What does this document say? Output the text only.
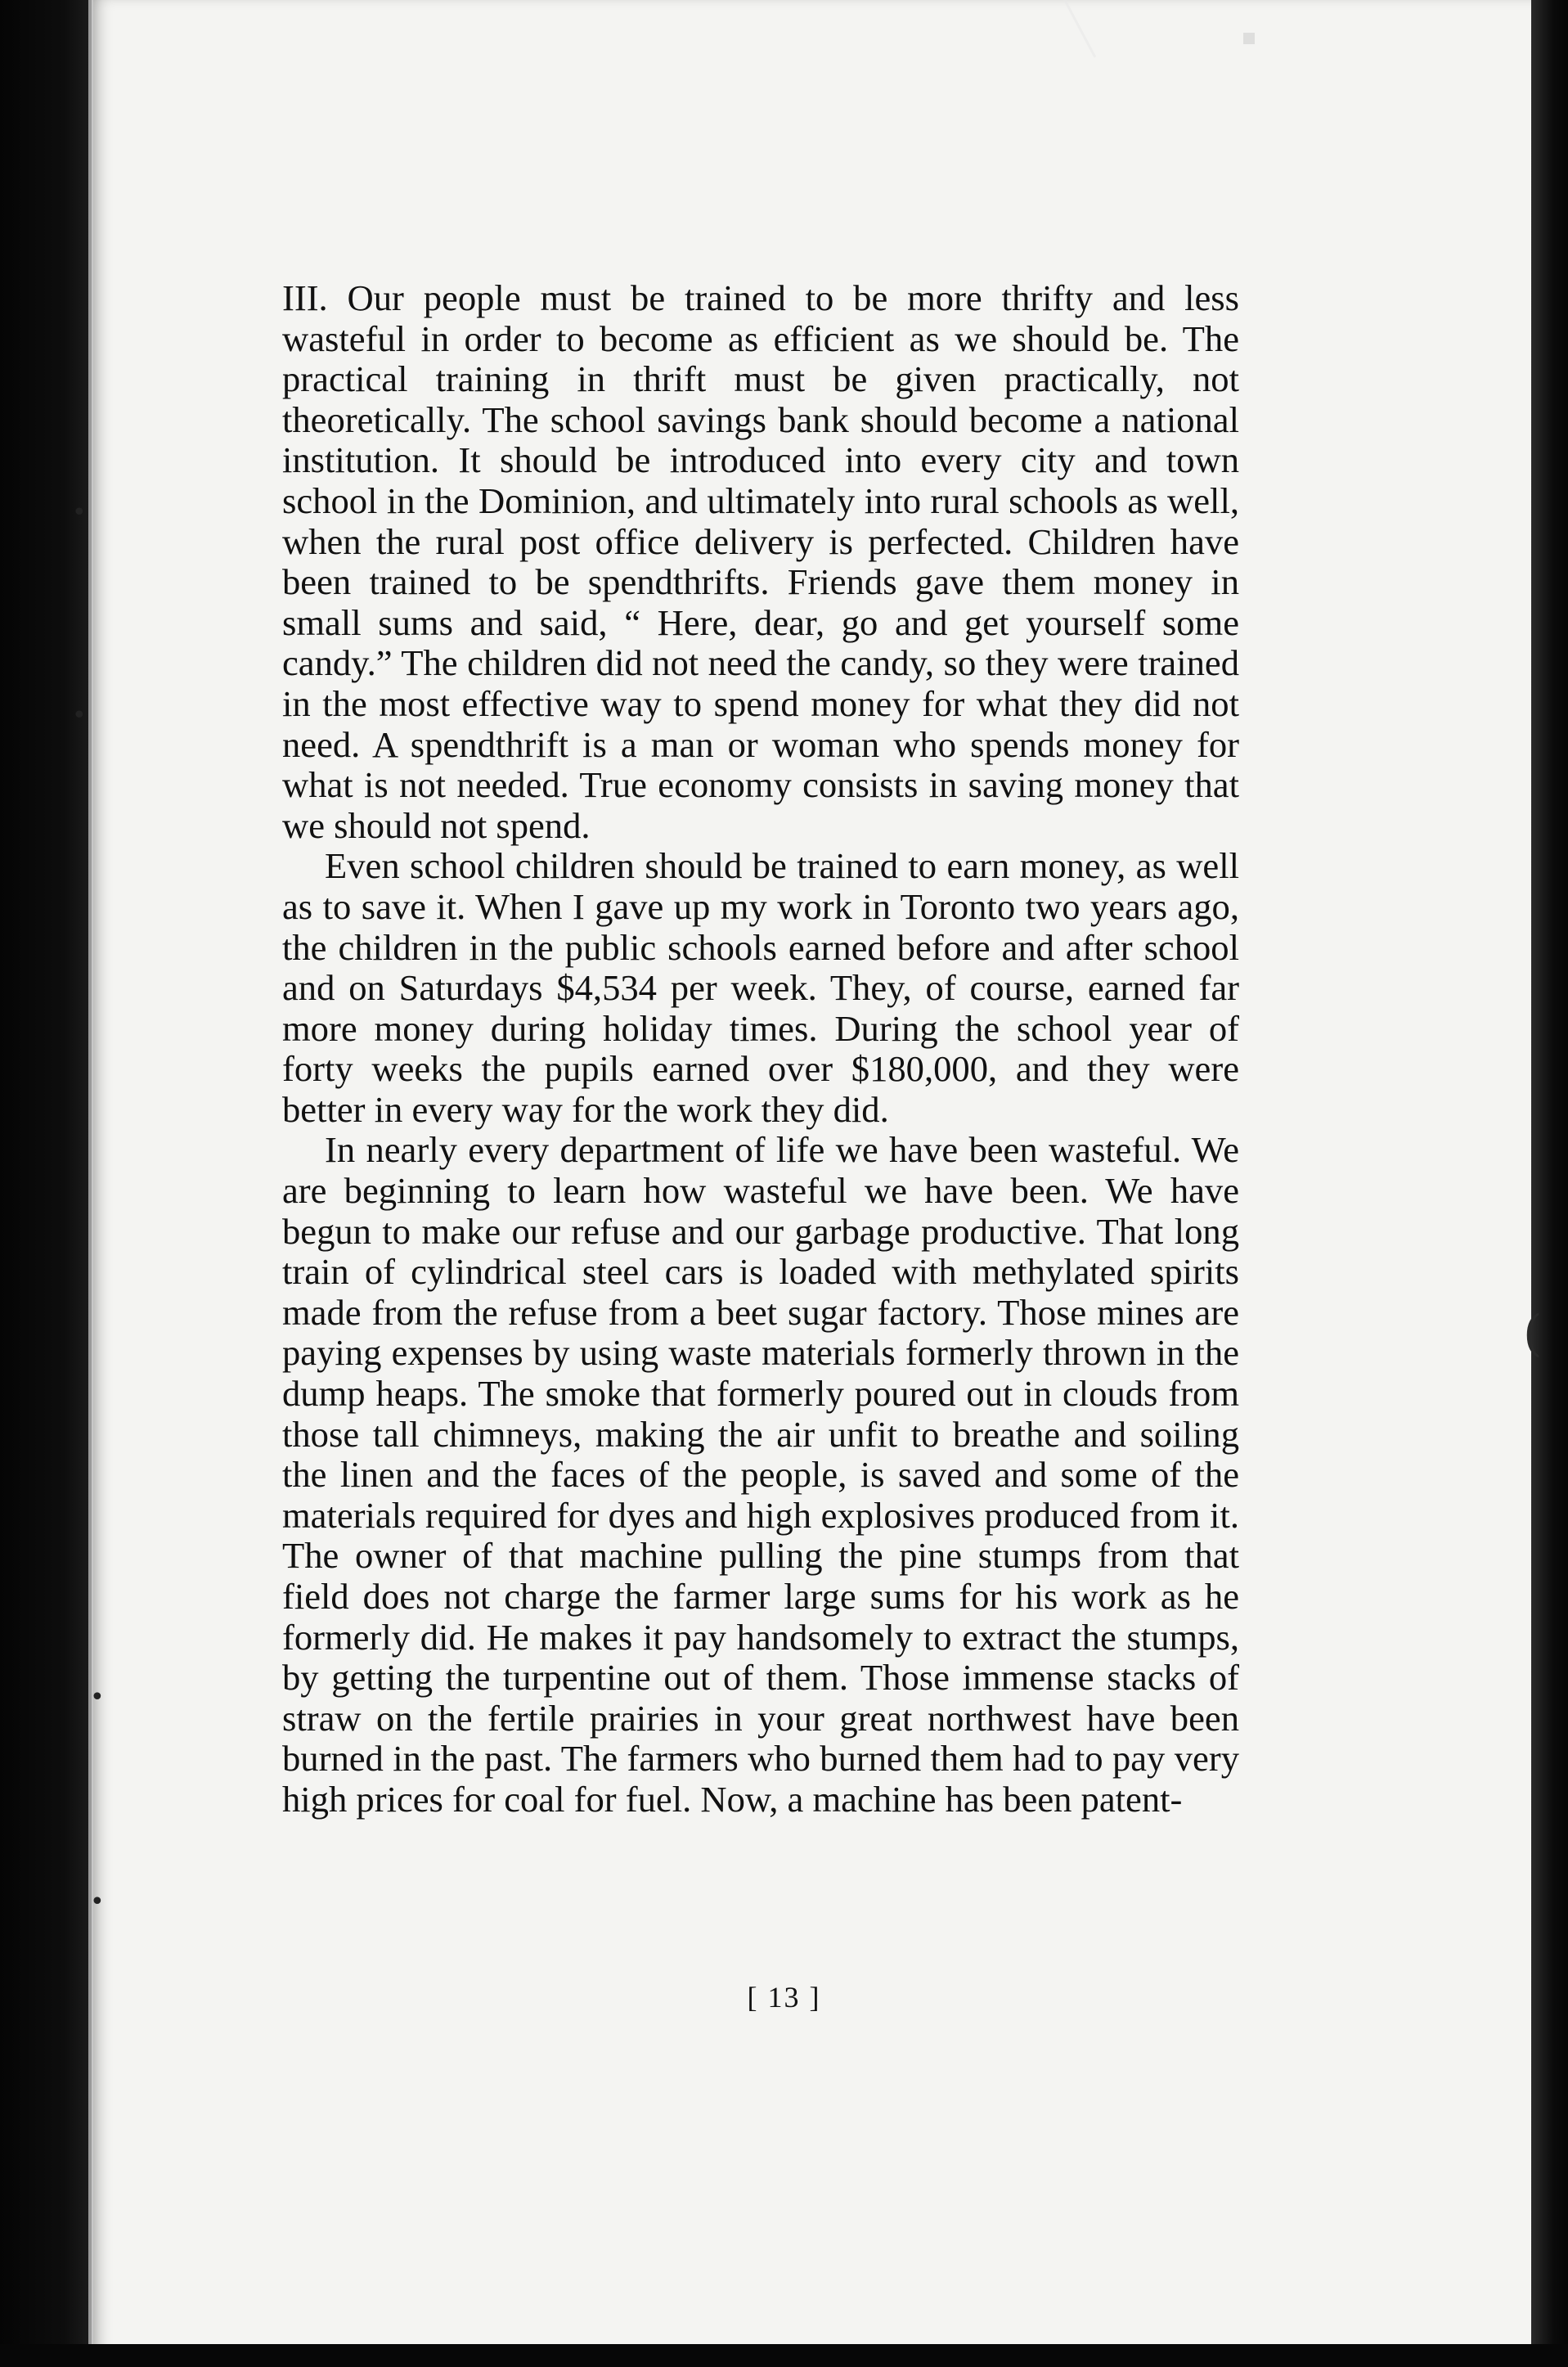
•
•
•
•
(

III. Our people must be trained to be more thrifty and less wasteful in order to become as efficient as we should be. The practical training in thrift must be given practically, not theoretically. The school savings bank should become a national institution. It should be introduced into every city and town school in the Dominion, and ultimately into rural schools as well, when the rural post office delivery is perfected. Children have been trained to be spendthrifts. Friends gave them money in small sums and said, “ Here, dear, go and get yourself some candy.” The children did not need the candy, so they were trained in the most effective way to spend money for what they did not need. A spendthrift is a man or woman who spends money for what is not needed. True economy consists in saving money that we should not spend.

Even school children should be trained to earn money, as well as to save it. When I gave up my work in Toronto two years ago, the children in the public schools earned before and after school and on Saturdays $4,534 per week. They, of course, earned far more money during holiday times. During the school year of forty weeks the pupils earned over $180,000, and they were better in every way for the work they did.

In nearly every department of life we have been wasteful. We are beginning to learn how wasteful we have been. We have begun to make our refuse and our garbage productive. That long train of cylindrical steel cars is loaded with methylated spirits made from the refuse from a beet sugar factory. Those mines are paying expenses by using waste materials formerly thrown in the dump heaps. The smoke that formerly poured out in clouds from those tall chimneys, making the air unfit to breathe and soiling the linen and the faces of the people, is saved and some of the materials required for dyes and high explosives produced from it. The owner of that machine pulling the pine stumps from that field does not charge the farmer large sums for his work as he formerly did. He makes it pay handsomely to extract the stumps, by getting the turpentine out of them. Those immense stacks of straw on the fertile prairies in your great northwest have been burned in the past. The farmers who burned them had to pay very high prices for coal for fuel. Now, a machine has been patent-

[ 13 ]
